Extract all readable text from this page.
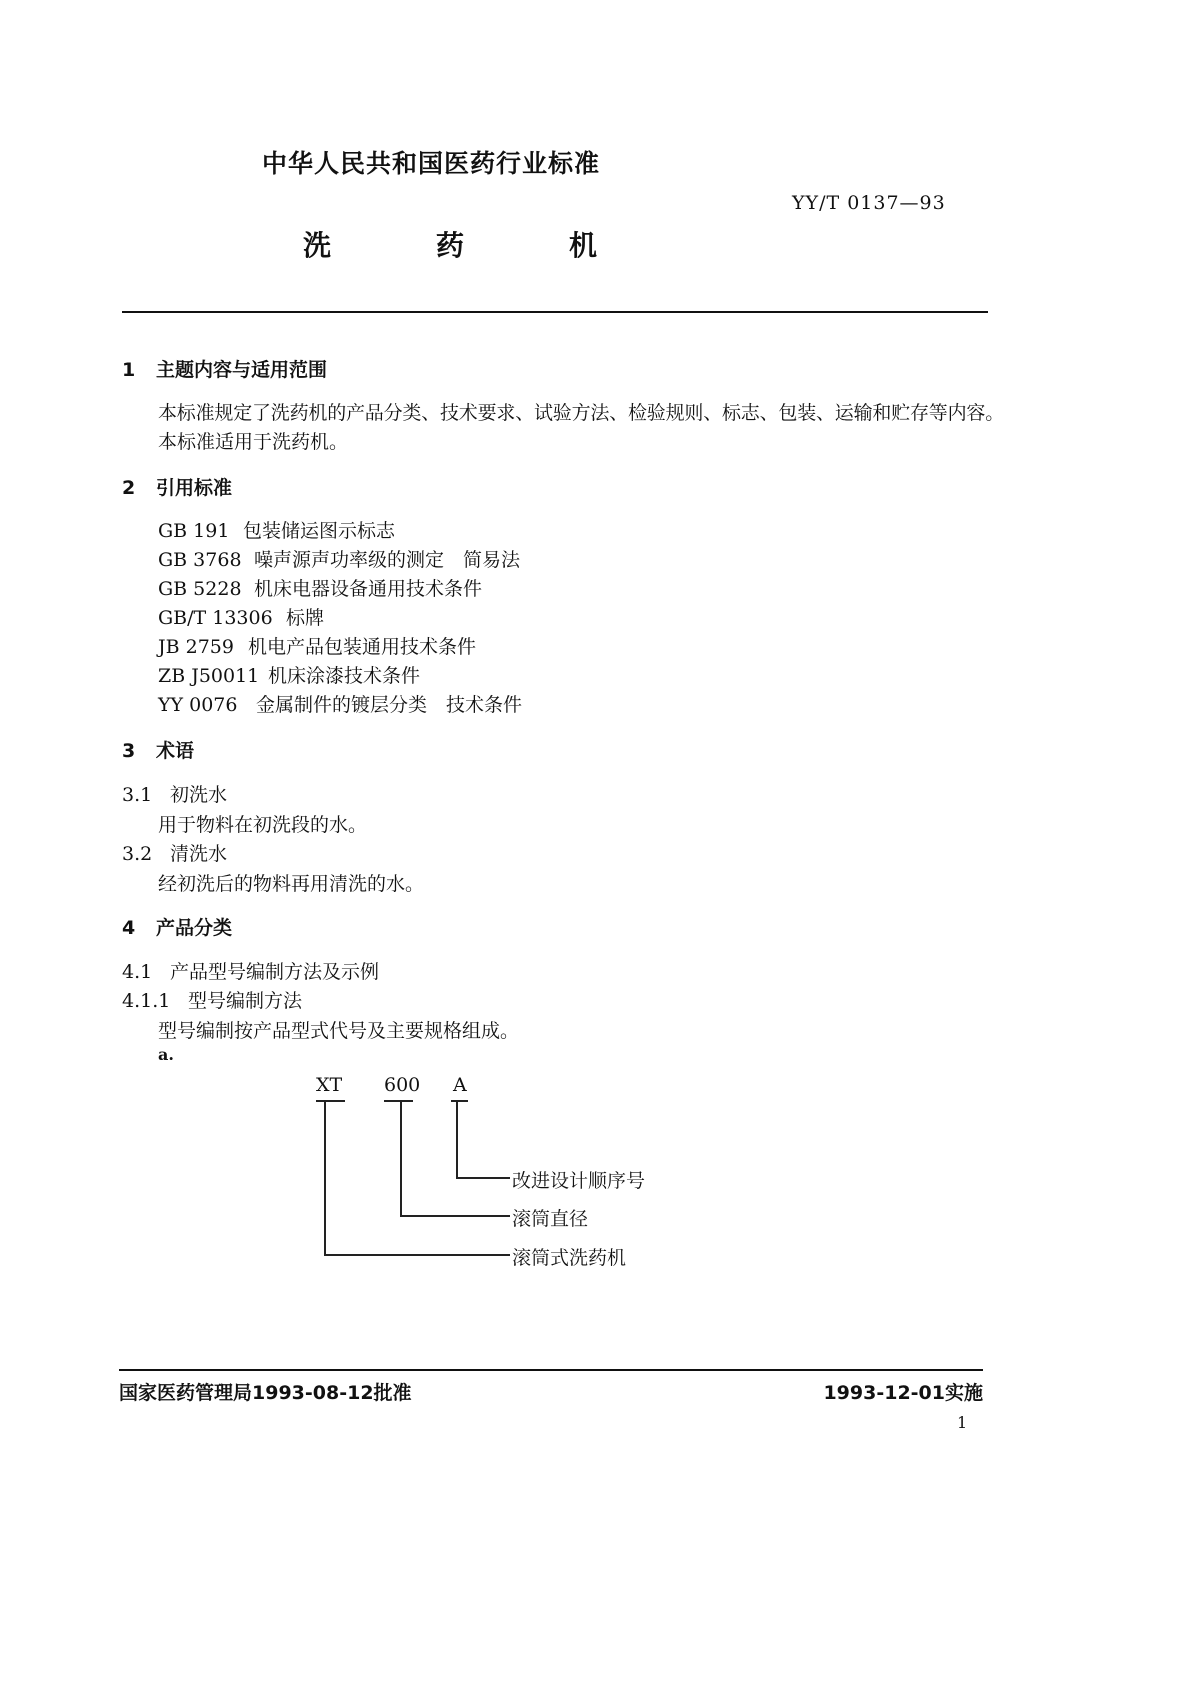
中华人民共和国医药行业标准
YY/T 0137—93
洗	药	机
1 主题内容与适用范围
本标准规定了洗药机的产品分类、技术要求、试验方法、检验规则、标志、包装、运输和贮存等内容。
本标准适用于洗药机。
2 引用标准
GB 191 包装储运图示标志
GB 3768 噪声源声功率级的测定　简易法
GB 5228 机床电器设备通用技术条件
GB/T 13306 标牌
JB 2759 机电产品包装通用技术条件
ZB J50011 机床涂漆技术条件
YY 0076 金属制件的镀层分类　技术条件
3 术语
3.1 初洗水
用于物料在初洗段的水。
3.2 清洗水
经初洗后的物料再用清洗的水。
4 产品分类
4.1 产品型号编制方法及示例
4.1.1 型号编制方法
型号编制按产品型式代号及主要规格组成。
a.
XT 600 A
改进设计顺序号
滚筒直径
滚筒式洗药机
国家医药管理局1993-08-12批准	1993-12-01实施
1
